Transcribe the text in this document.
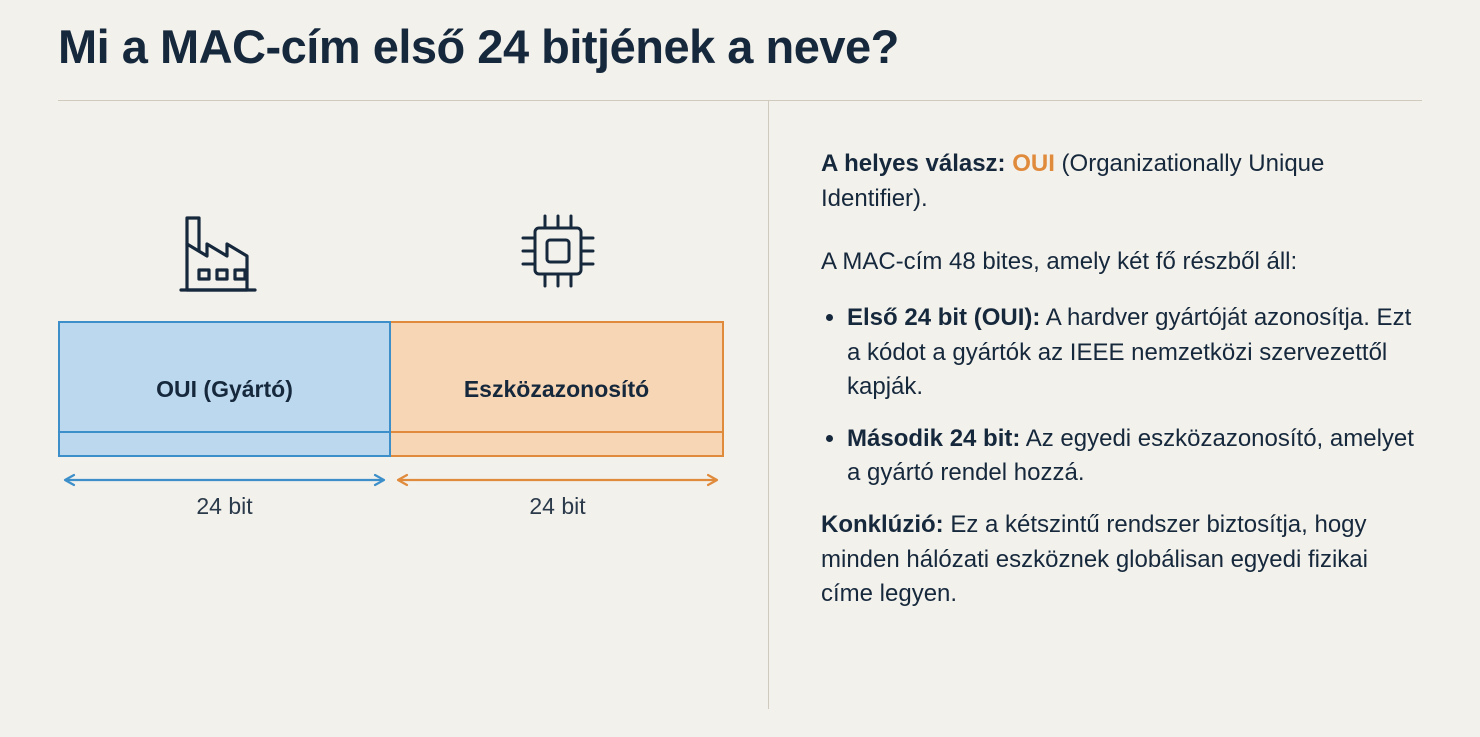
Mi a MAC-cím első 24 bitjének a neve?
OUI (Gyártó)	Eszközazonosító
24 bit	24 bit
A helyes válasz: OUI (Organizationally Unique Identifier).
A MAC-cím 48 bites, amely két fő részből áll:
• Első 24 bit (OUI): A hardver gyártóját azonosítja. Ezt a kódot a gyártók az IEEE nemzetközi szervezettől kapják.
• Második 24 bit: Az egyedi eszközazonosító, amelyet a gyártó rendel hozzá.
Konklúzió: Ez a kétszintű rendszer biztosítja, hogy minden hálózati eszköznek globálisan egyedi fizikai címe legyen.
